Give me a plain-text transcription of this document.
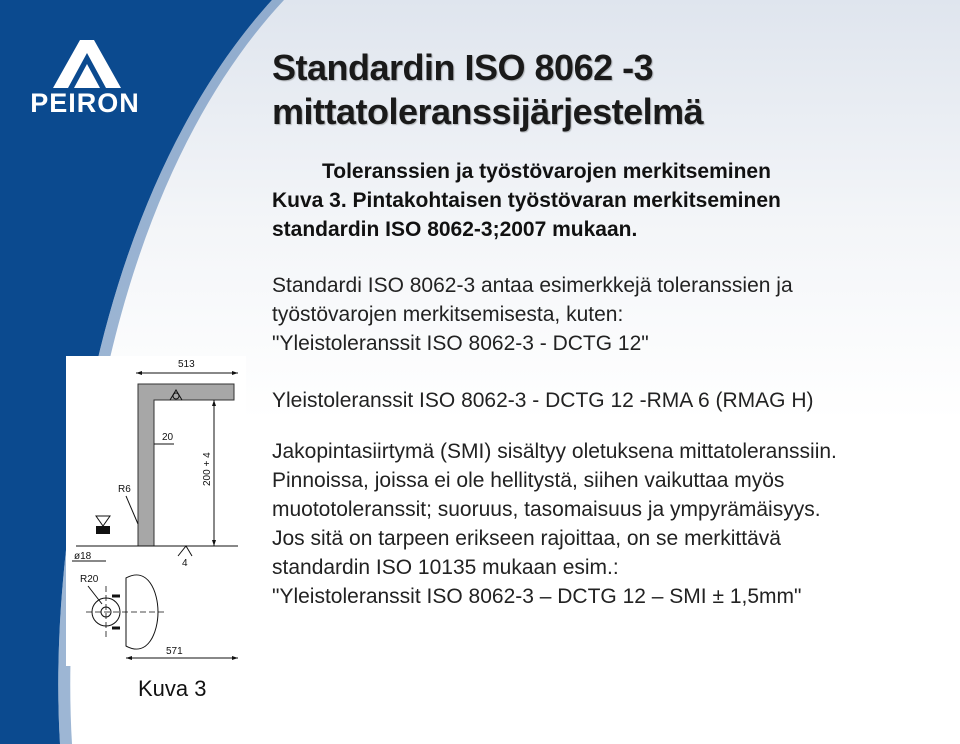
PEIRON
Standardin ISO 8062 -3
mittatoleranssijärjestelmä
Toleranssien ja työstövarojen merkitseminen
Kuva 3. Pintakohtaisen työstövaran merkitseminen
standardin ISO 8062-3;2007 mukaan.

Standardi ISO 8062-3 antaa esimerkkejä toleranssien ja

työstövarojen merkitsemisesta, kuten:

"Yleistoleranssit ISO 8062-3 - DCTG 12"

Yleistoleranssit ISO 8062-3 - DCTG 12 -RMA 6 (RMAG H)

Jakopintasiirtymä (SMI) sisältyy oletuksena mittatoleranssiin.

Pinnoissa, joissa ei ole hellitystä, siihen vaikuttaa myös

muototoleranssit; suoruus, tasomaisuus ja ympyrämäisyys.

Jos sitä on tarpeen erikseen rajoittaa, on se merkittävä

standardin ISO 10135 mukaan esim.:

"Yleistoleranssit ISO 8062-3 – DCTG 12 – SMI ± 1,5mm"

513
20
200 + 4
R6
4
ø18
R20
571
Kuva 3
